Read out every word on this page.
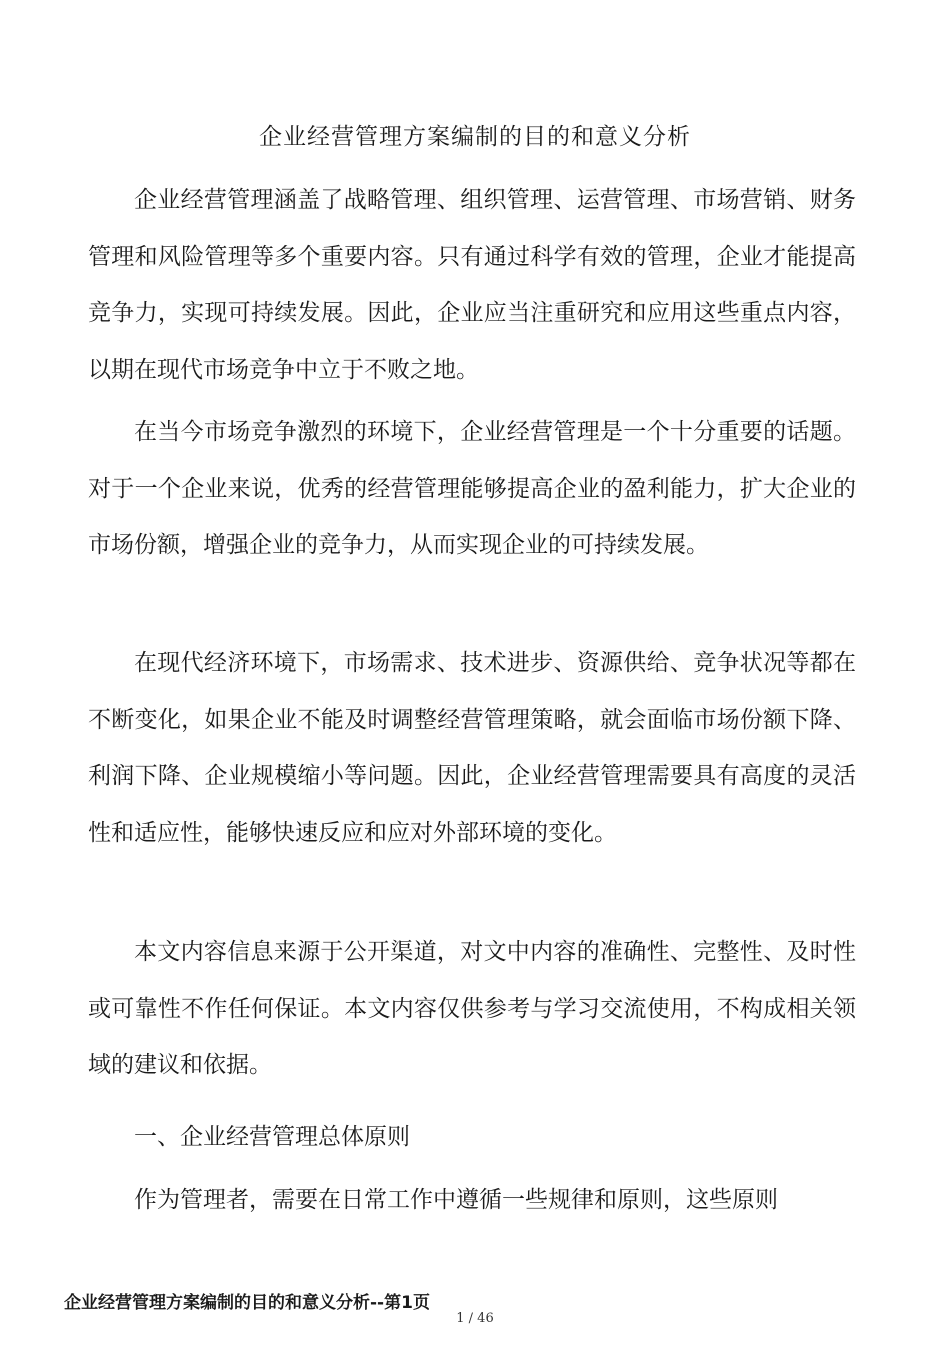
企业经营管理方案编制的目的和意义分析

企业经营管理涵盖了战略管理、组织管理、运营管理、市场营销、财务管理和风险管理等多个重要内容。只有通过科学有效的管理，企业才能提高竞争力，实现可持续发展。因此，企业应当注重研究和应用这些重点内容，以期在现代市场竞争中立于不败之地。

在当今市场竞争激烈的环境下，企业经营管理是一个十分重要的话题。对于一个企业来说，优秀的经营管理能够提高企业的盈利能力，扩大企业的市场份额，增强企业的竞争力，从而实现企业的可持续发展。

在现代经济环境下，市场需求、技术进步、资源供给、竞争状况等都在不断变化，如果企业不能及时调整经营管理策略，就会面临市场份额下降、利润下降、企业规模缩小等问题。因此，企业经营管理需要具有高度的灵活性和适应性，能够快速反应和应对外部环境的变化。

本文内容信息来源于公开渠道，对文中内容的准确性、完整性、及时性或可靠性不作任何保证。本文内容仅供参考与学习交流使用，不构成相关领域的建议和依据。

一、企业经营管理总体原则

作为管理者，需要在日常工作中遵循一些规律和原则，这些原则

企业经营管理方案编制的目的和意义分析--第1页
1 / 46
